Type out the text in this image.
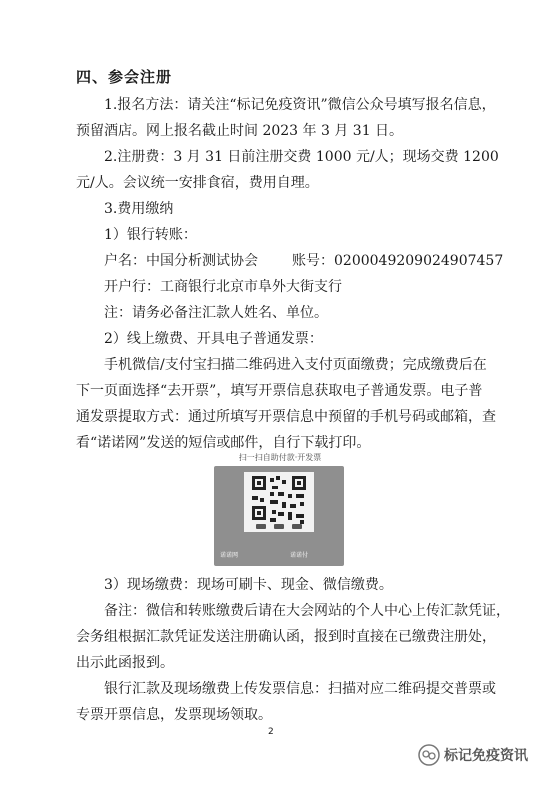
四、参会注册
1.报名方法：请关注“标记免疫资讯”微信公众号填写报名信息，
预留酒店。网上报名截止时间 2023 年 3 月 31 日。
2.注册费：3 月 31 日前注册交费 1000 元/人；现场交费 1200
元/人。会议统一安排食宿，费用自理。
3.费用缴纳
1）银行转账：
户名：中国分析测试协会 账号：0200049209024907457
开户行：工商银行北京市阜外大街支行
注：请务必备注汇款人姓名、单位。
2）线上缴费、开具电子普通发票：
手机微信/支付宝扫描二维码进入支付页面缴费；完成缴费后在
下一页面选择“去开票”，填写开票信息获取电子普通发票。电子普
通发票提取方式：通过所填写开票信息中预留的手机号码或邮箱，查
看“诺诺网”发送的短信或邮件，自行下载打印。
扫一扫自助付款·开发票
诺诺网	诺诺付
3）现场缴费：现场可刷卡、现金、微信缴费。
备注：微信和转账缴费后请在大会网站的个人中心上传汇款凭证，
会务组根据汇款凭证发送注册确认函，报到时直接在已缴费注册处，
出示此函报到。
银行汇款及现场缴费上传发票信息：扫描对应二维码提交普票或
专票开票信息，发票现场领取。
2
标记免疫资讯
